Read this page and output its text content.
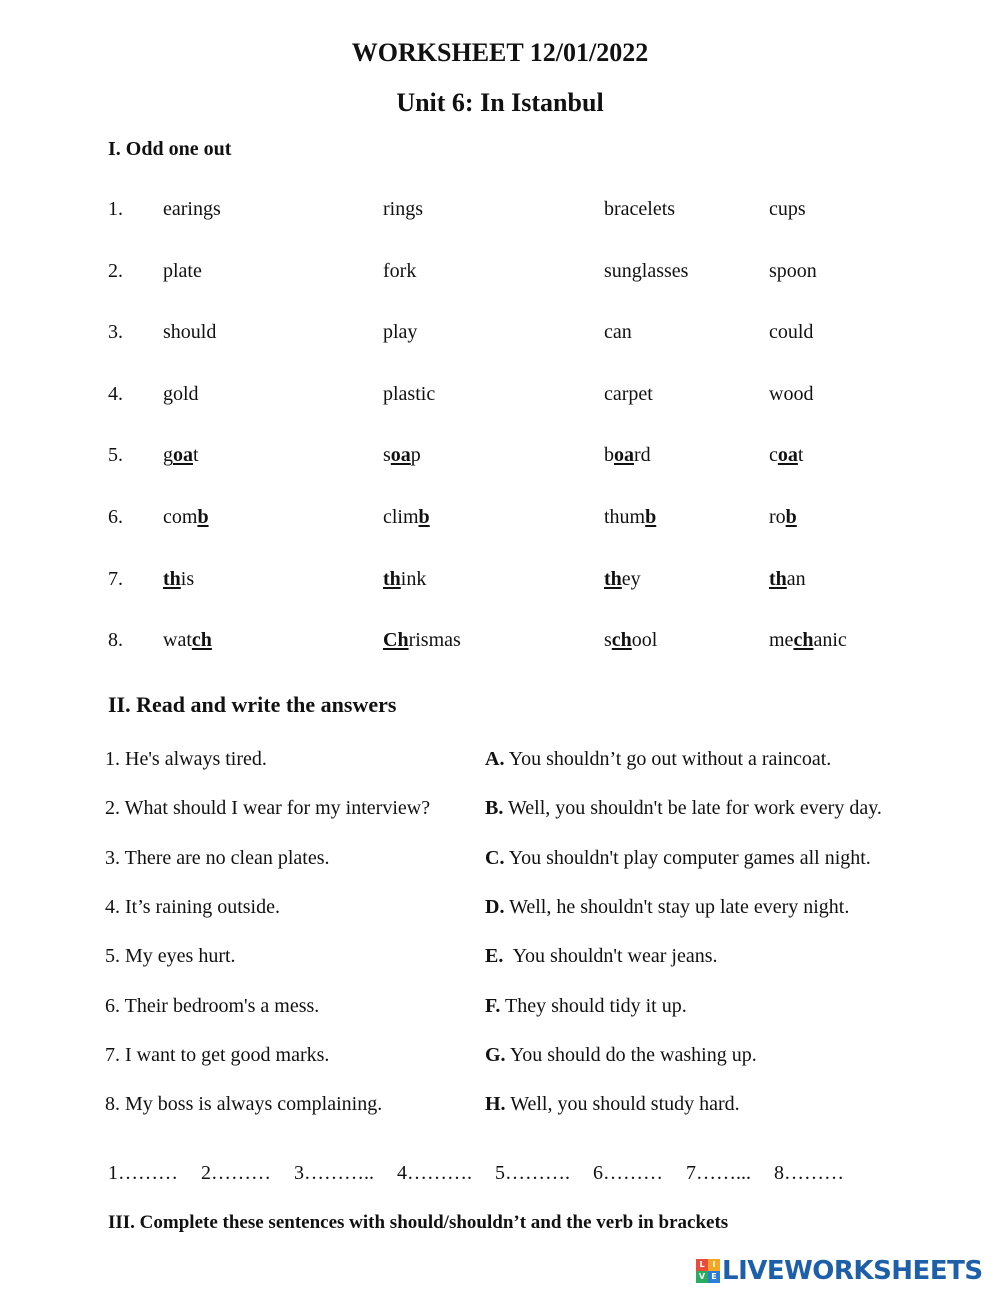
WORKSHEET 12/01/2022
Unit 6: In Istanbul
I. Odd one out
1. earings	rings	bracelets	cups
2. plate	fork	sunglasses	spoon
3. should	play	can	could
4. gold	plastic	carpet	wood
5. goat	soap	board	coat
6. comb	climb	thumb	rob
7. this	think	they	than
8. watch	Chrismas	school	mechanic
II. Read and write the answers
1. He's always tired.	A. You shouldn’t go out without a raincoat.
2. What should I wear for my interview?	B. Well, you shouldn't be late for work every day.
3. There are no clean plates.	C. You shouldn't play computer games all night.
4. It’s raining outside.	D. Well, he shouldn't stay up late every night.
5. My eyes hurt.	E.  You shouldn't wear jeans.
6. Their bedroom's a mess.	F. They should tidy it up.
7. I want to get good marks.	G. You should do the washing up.
8. My boss is always complaining.	H. Well, you should study hard.
1……… 2……… 3……….. 4………. 5………. 6……… 7……... 8………
III. Complete these sentences with should/shouldn’t and the verb in brackets
L I
V E LIVEWORKSHEETS
